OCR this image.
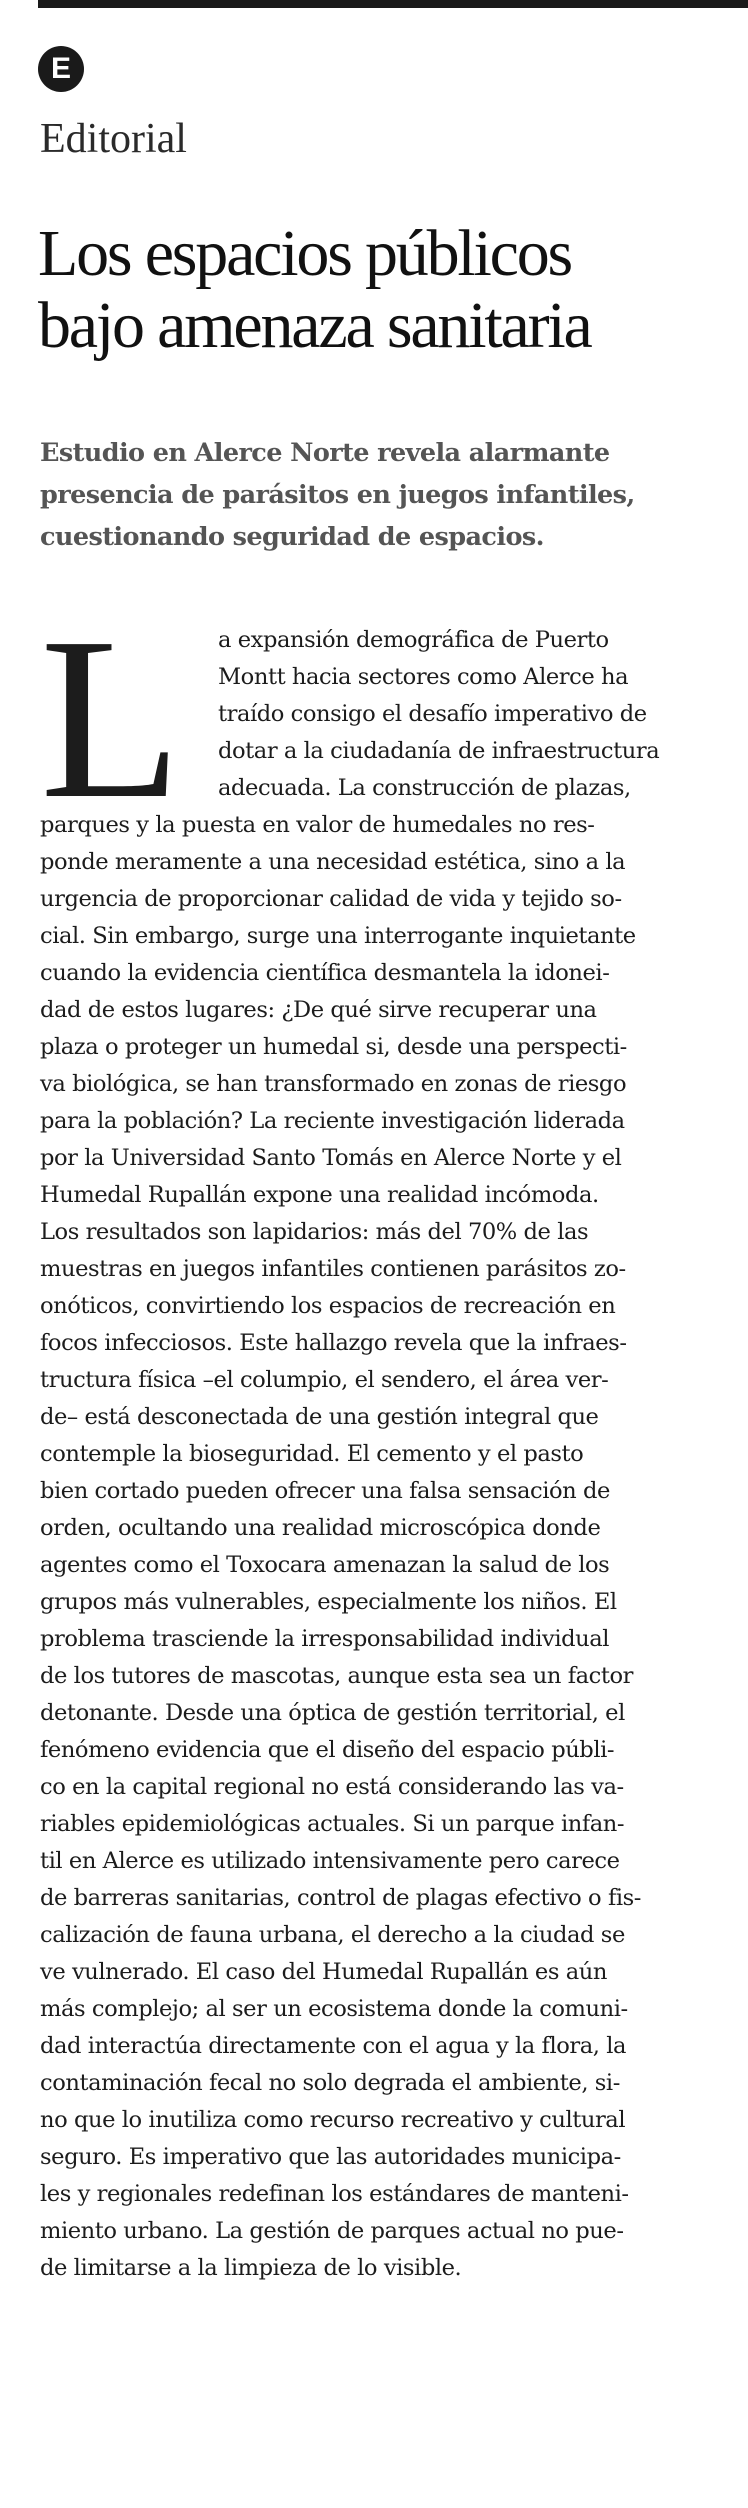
E
Editorial
Los espacios públicos
bajo amenaza sanitaria
Estudio en Alerce Norte revela alarmante
presencia de parásitos en juegos infantiles,
cuestionando seguridad de espacios.
L	a expansión demográfica de Puerto
Montt hacia sectores como Alerce ha
traído consigo el desafío imperativo de
dotar a la ciudadanía de infraestructura
adecuada. La construcción de plazas,
parques y la puesta en valor de humedales no res-
ponde meramente a una necesidad estética, sino a la
urgencia de proporcionar calidad de vida y tejido so-
cial. Sin embargo, surge una interrogante inquietante
cuando la evidencia científica desmantela la idonei-
dad de estos lugares: ¿De qué sirve recuperar una
plaza o proteger un humedal si, desde una perspecti-
va biológica, se han transformado en zonas de riesgo
para la población? La reciente investigación liderada
por la Universidad Santo Tomás en Alerce Norte y el
Humedal Rupallán expone una realidad incómoda.
Los resultados son lapidarios: más del 70% de las
muestras en juegos infantiles contienen parásitos zo-
onóticos, convirtiendo los espacios de recreación en
focos infecciosos. Este hallazgo revela que la infraes-
tructura física –el columpio, el sendero, el área ver-
de– está desconectada de una gestión integral que
contemple la bioseguridad. El cemento y el pasto
bien cortado pueden ofrecer una falsa sensación de
orden, ocultando una realidad microscópica donde
agentes como el Toxocara amenazan la salud de los
grupos más vulnerables, especialmente los niños. El
problema trasciende la irresponsabilidad individual
de los tutores de mascotas, aunque esta sea un factor
detonante. Desde una óptica de gestión territorial, el
fenómeno evidencia que el diseño del espacio públi-
co en la capital regional no está considerando las va-
riables epidemiológicas actuales. Si un parque infan-
til en Alerce es utilizado intensivamente pero carece
de barreras sanitarias, control de plagas efectivo o fis-
calización de fauna urbana, el derecho a la ciudad se
ve vulnerado. El caso del Humedal Rupallán es aún
más complejo; al ser un ecosistema donde la comuni-
dad interactúa directamente con el agua y la flora, la
contaminación fecal no solo degrada el ambiente, si-
no que lo inutiliza como recurso recreativo y cultural
seguro. Es imperativo que las autoridades municipa-
les y regionales redefinan los estándares de manteni-
miento urbano. La gestión de parques actual no pue-
de limitarse a la limpieza de lo visible.
